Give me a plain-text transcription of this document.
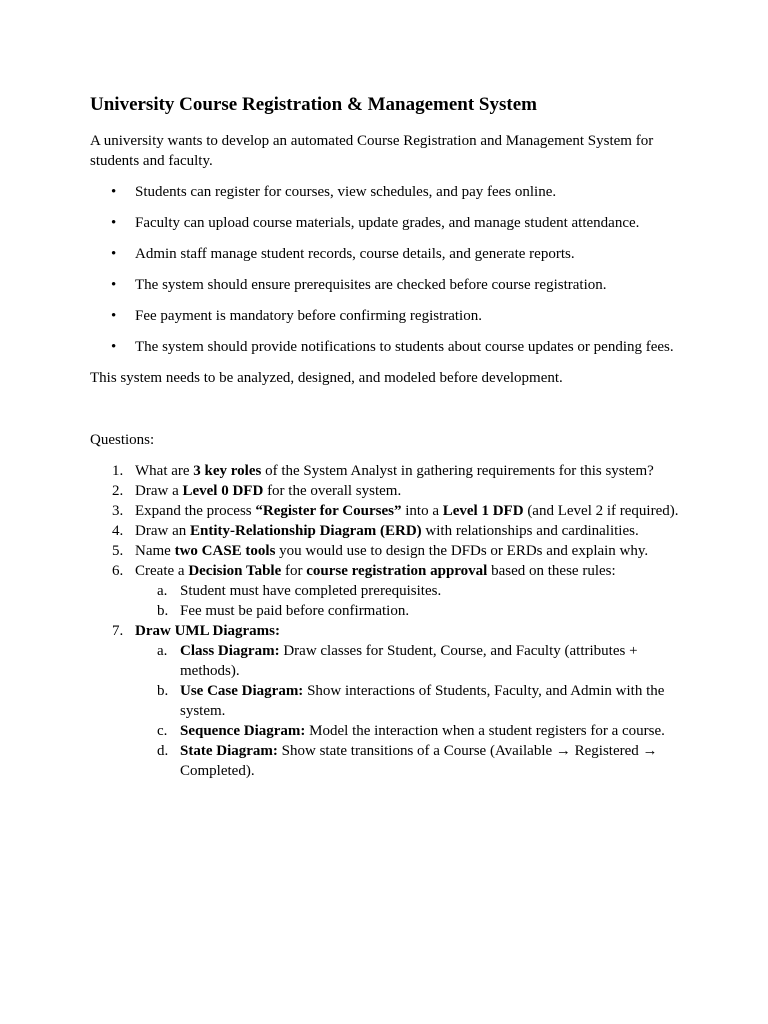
University Course Registration & Management System

A university wants to develop an automated Course Registration and Management System for students and faculty.

• Students can register for courses, view schedules, and pay fees online.
• Faculty can upload course materials, update grades, and manage student attendance.
• Admin staff manage student records, course details, and generate reports.
• The system should ensure prerequisites are checked before course registration.
• Fee payment is mandatory before confirming registration.
• The system should provide notifications to students about course updates or pending fees.

This system needs to be analyzed, designed, and modeled before development.

Questions:

1. What are 3 key roles of the System Analyst in gathering requirements for this system?
2. Draw a Level 0 DFD for the overall system.
3. Expand the process “Register for Courses” into a Level 1 DFD (and Level 2 if required).
4. Draw an Entity-Relationship Diagram (ERD) with relationships and cardinalities.
5. Name two CASE tools you would use to design the DFDs or ERDs and explain why.
6. Create a Decision Table for course registration approval based on these rules:
a. Student must have completed prerequisites.
b. Fee must be paid before confirmation.
7. Draw UML Diagrams:
a. Class Diagram: Draw classes for Student, Course, and Faculty (attributes + methods).
b. Use Case Diagram: Show interactions of Students, Faculty, and Admin with the system.
c. Sequence Diagram: Model the interaction when a student registers for a course.
d. State Diagram: Show state transitions of a Course (Available → Registered → Completed).
